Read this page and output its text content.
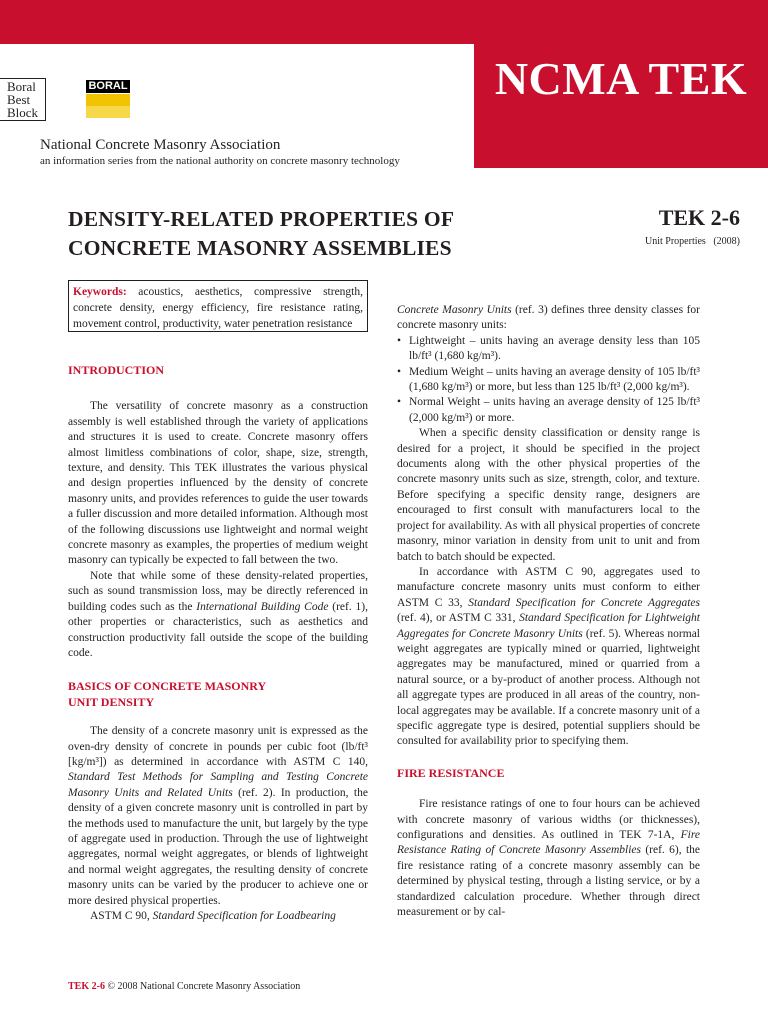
NCMA TEK
Boral
Best
Block
BORAL
National Concrete Masonry Association
an information series from the national authority on concrete masonry technology
DENSITY-RELATED PROPERTIES OF
CONCRETE MASONRY ASSEMBLIES
TEK 2-6
Unit Properties   (2008)
Keywords: acoustics, aesthetics, compressive strength, concrete density, energy efficiency, fire resistance rating, movement control, productivity, water penetration resistance

INTRODUCTION

The versatility of concrete masonry as a construction assembly is well established through the variety of applications and structures it is used to create. Concrete masonry offers almost limitless combinations of color, shape, size, strength, texture, and density. This TEK illustrates the various physical and design properties influenced by the density of concrete masonry units, and provides references to guide the user towards a fuller discussion and more detailed information. Although most of the following discussions use lightweight and normal weight concrete masonry as examples, the properties of medium weight masonry can typically be expected to fall between the two.

Note that while some of these density-related properties, such as sound transmission loss, may be directly referenced in building codes such as the International Building Code (ref. 1), other properties or characteristics, such as aesthetics and construction productivity fall outside the scope of the building code.

BASICS OF CONCRETE MASONRY
UNIT DENSITY

The density of a concrete masonry unit is expressed as the oven-dry density of concrete in pounds per cubic foot (lb/ft³ [kg/m³]) as determined in accordance with ASTM C 140, Standard Test Methods for Sampling and Testing Concrete Masonry Units and Related Units (ref. 2). In production, the density of a given concrete masonry unit is controlled in part by the methods used to manufacture the unit, but largely by the type of aggregate used in production. Through the use of lightweight aggregates, normal weight aggregates, or blends of lightweight and normal weight aggregates, the resulting density of concrete masonry units can be varied by the producer to achieve one or more desired physical properties.

ASTM C 90, Standard Specification for Loadbearing

Concrete Masonry Units (ref. 3) defines three density classes for concrete masonry units:

• Lightweight – units having an average density less than 105 lb/ft³ (1,680 kg/m³).
• Medium Weight – units having an average density of 105 lb/ft³ (1,680 kg/m³) or more, but less than 125 lb/ft³ (2,000 kg/m³).
• Normal Weight – units having an average density of 125 lb/ft³ (2,000 kg/m³) or more.

When a specific density classification or density range is desired for a project, it should be specified in the project documents along with the other physical properties of the concrete masonry units such as size, strength, color, and texture. Before specifying a specific density range, designers are encouraged to first consult with manufacturers local to the project for availability. As with all physical properties of concrete masonry, minor variation in density from unit to unit and from batch to batch should be expected.

In accordance with ASTM C 90, aggregates used to manufacture concrete masonry units must conform to either ASTM C 33, Standard Specification for Concrete Aggregates (ref. 4), or ASTM C 331, Standard Specification for Lightweight Aggregates for Concrete Masonry Units (ref. 5). Whereas normal weight aggregates are typically mined or quarried, lightweight aggregates may be manufactured, mined or quarried from a natural source, or a by-product of another process. Although not all aggregate types are produced in all areas of the country, non-local aggregates may be available. If a concrete masonry unit of a specific aggregate type is desired, potential suppliers should be consulted for availability prior to specifying them.

FIRE RESISTANCE

Fire resistance ratings of one to four hours can be achieved with concrete masonry of various widths (or thicknesses), configurations and densities. As outlined in TEK 7-1A, Fire Resistance Rating of Concrete Masonry Assemblies (ref. 6), the fire resistance rating of a concrete masonry assembly can be determined by physical testing, through a listing service, or by a standardized calculation procedure. Whether through direct measurement or by cal-

TEK 2-6 © 2008 National Concrete Masonry Association
